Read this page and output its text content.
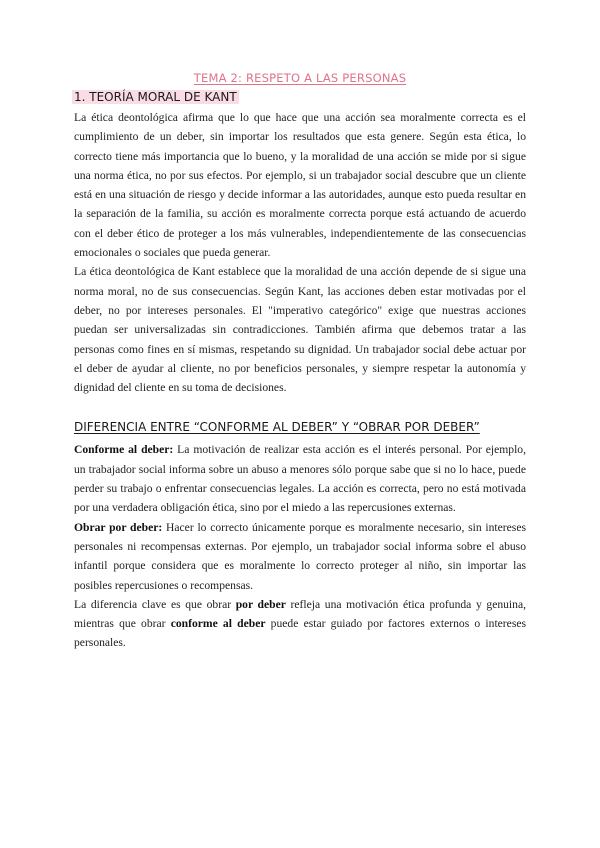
TEMA 2: RESPETO A LAS PERSONAS
1. TEORÍA MORAL DE KANT

La ética deontológica afirma que lo que hace que una acción sea moralmente correcta es el cumplimiento de un deber, sin importar los resultados que esta genere. Según esta ética, lo correcto tiene más importancia que lo bueno, y la moralidad de una acción se mide por si sigue una norma ética, no por sus efectos. Por ejemplo, si un trabajador social descubre que un cliente está en una situación de riesgo y decide informar a las autoridades, aunque esto pueda resultar en la separación de la familia, su acción es moralmente correcta porque está actuando de acuerdo con el deber ético de proteger a los más vulnerables, independientemente de las consecuencias emocionales o sociales que pueda generar.

La ética deontológica de Kant establece que la moralidad de una acción depende de si sigue una norma moral, no de sus consecuencias. Según Kant, las acciones deben estar motivadas por el deber, no por intereses personales. El "imperativo categórico" exige que nuestras acciones puedan ser universalizadas sin contradicciones. También afirma que debemos tratar a las personas como fines en sí mismas, respetando su dignidad. Un trabajador social debe actuar por el deber de ayudar al cliente, no por beneficios personales, y siempre respetar la autonomía y dignidad del cliente en su toma de decisiones.

DIFERENCIA ENTRE “CONFORME AL DEBER” Y “OBRAR POR DEBER”

Conforme al deber: La motivación de realizar esta acción es el interés personal. Por ejemplo, un trabajador social informa sobre un abuso a menores sólo porque sabe que si no lo hace, puede perder su trabajo o enfrentar consecuencias legales. La acción es correcta, pero no está motivada por una verdadera obligación ética, sino por el miedo a las repercusiones externas.

Obrar por deber: Hacer lo correcto únicamente porque es moralmente necesario, sin intereses personales ni recompensas externas. Por ejemplo, un trabajador social informa sobre el abuso infantil porque considera que es moralmente lo correcto proteger al niño, sin importar las posibles repercusiones o recompensas.

La diferencia clave es que obrar por deber refleja una motivación ética profunda y genuina, mientras que obrar conforme al deber puede estar guiado por factores externos o intereses personales.
